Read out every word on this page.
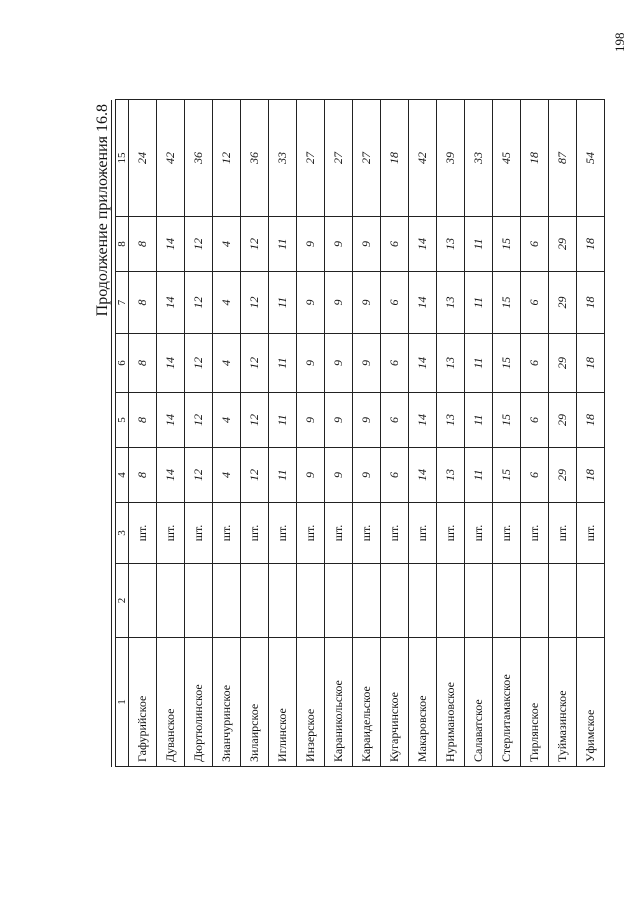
198
Продолжение приложения 16.8
1	2	3	4	5	6	7	8	15
Гафурийское		шт.	8	8	8	8	8	24
Дуванское		шт.	14	14	14	14	14	42
Дюртюлинское		шт.	12	12	12	12	12	36
Зианчуринское		шт.	4	4	4	4	4	12
Зилаирское		шт.	12	12	12	12	12	36
Иглинское		шт.	11	11	11	11	11	33
Инзерское		шт.	9	9	9	9	9	27
Караникольское		шт.	9	9	9	9	9	27
Караидельское		шт.	9	9	9	9	9	27
Кугарчинское		шт.	6	6	6	6	6	18
Макаровское		шт.	14	14	14	14	14	42
Нуримановское		шт.	13	13	13	13	13	39
Салаватское		шт.	11	11	11	11	11	33
Стерлитамакское		шт.	15	15	15	15	15	45
Тирлянское		шт.	6	6	6	6	6	18
Туймазинское		шт.	29	29	29	29	29	87
Уфимское		шт.	18	18	18	18	18	54
